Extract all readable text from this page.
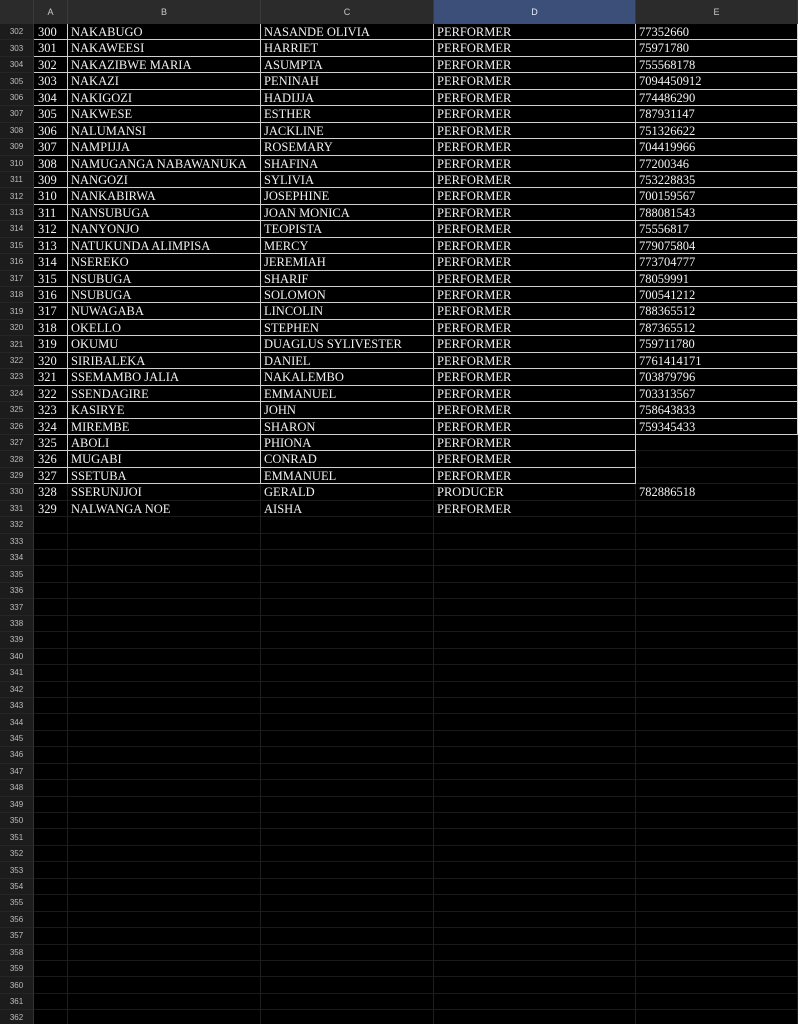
A	B	C	D	E
302	300	NAKABUGO	NASANDE OLIVIA	PERFORMER	77352660
303	301	NAKAWEESI	HARRIET	PERFORMER	75971780
304	302	NAKAZIBWE MARIA	ASUMPTA	PERFORMER	755568178
305	303	NAKAZI	PENINAH	PERFORMER	7094450912
306	304	NAKIGOZI	HADIJJA	PERFORMER	774486290
307	305	NAKWESE	ESTHER	PERFORMER	787931147
308	306	NALUMANSI	JACKLINE	PERFORMER	751326622
309	307	NAMPIJJA	ROSEMARY	PERFORMER	704419966
310	308	NAMUGANGA NABAWANUKA	SHAFINA	PERFORMER	77200346
311	309	NANGOZI	SYLIVIA	PERFORMER	753228835
312	310	NANKABIRWA	JOSEPHINE	PERFORMER	700159567
313	311	NANSUBUGA	JOAN MONICA	PERFORMER	788081543
314	312	NANYONJO	TEOPISTA	PERFORMER	75556817
315	313	NATUKUNDA ALIMPISA	MERCY	PERFORMER	779075804
316	314	NSEREKO	JEREMIAH	PERFORMER	773704777
317	315	NSUBUGA	SHARIF	PERFORMER	78059991
318	316	NSUBUGA	SOLOMON	PERFORMER	700541212
319	317	NUWAGABA	LINCOLIN	PERFORMER	788365512
320	318	OKELLO	STEPHEN	PERFORMER	787365512
321	319	OKUMU	DUAGLUS SYLIVESTER	PERFORMER	759711780
322	320	SIRIBALEKA	DANIEL	PERFORMER	7761414171
323	321	SSEMAMBO JALIA	NAKALEMBO	PERFORMER	703879796
324	322	SSENDAGIRE	EMMANUEL	PERFORMER	703313567
325	323	KASIRYE	JOHN	PERFORMER	758643833
326	324	MIREMBE	SHARON	PERFORMER	759345433
327	325	ABOLI	PHIONA	PERFORMER
328	326	MUGABI	CONRAD	PERFORMER
329	327	SSETUBA	EMMANUEL	PERFORMER
330	328	SSERUNJJOI	GERALD	PRODUCER	782886518
331	329	NALWANGA NOE	AISHA	PERFORMER
332
333
334
335
336
337
338
339
340
341
342
343
344
345
346
347
348
349
350
351
352
353
354
355
356
357
358
359
360
361
362
